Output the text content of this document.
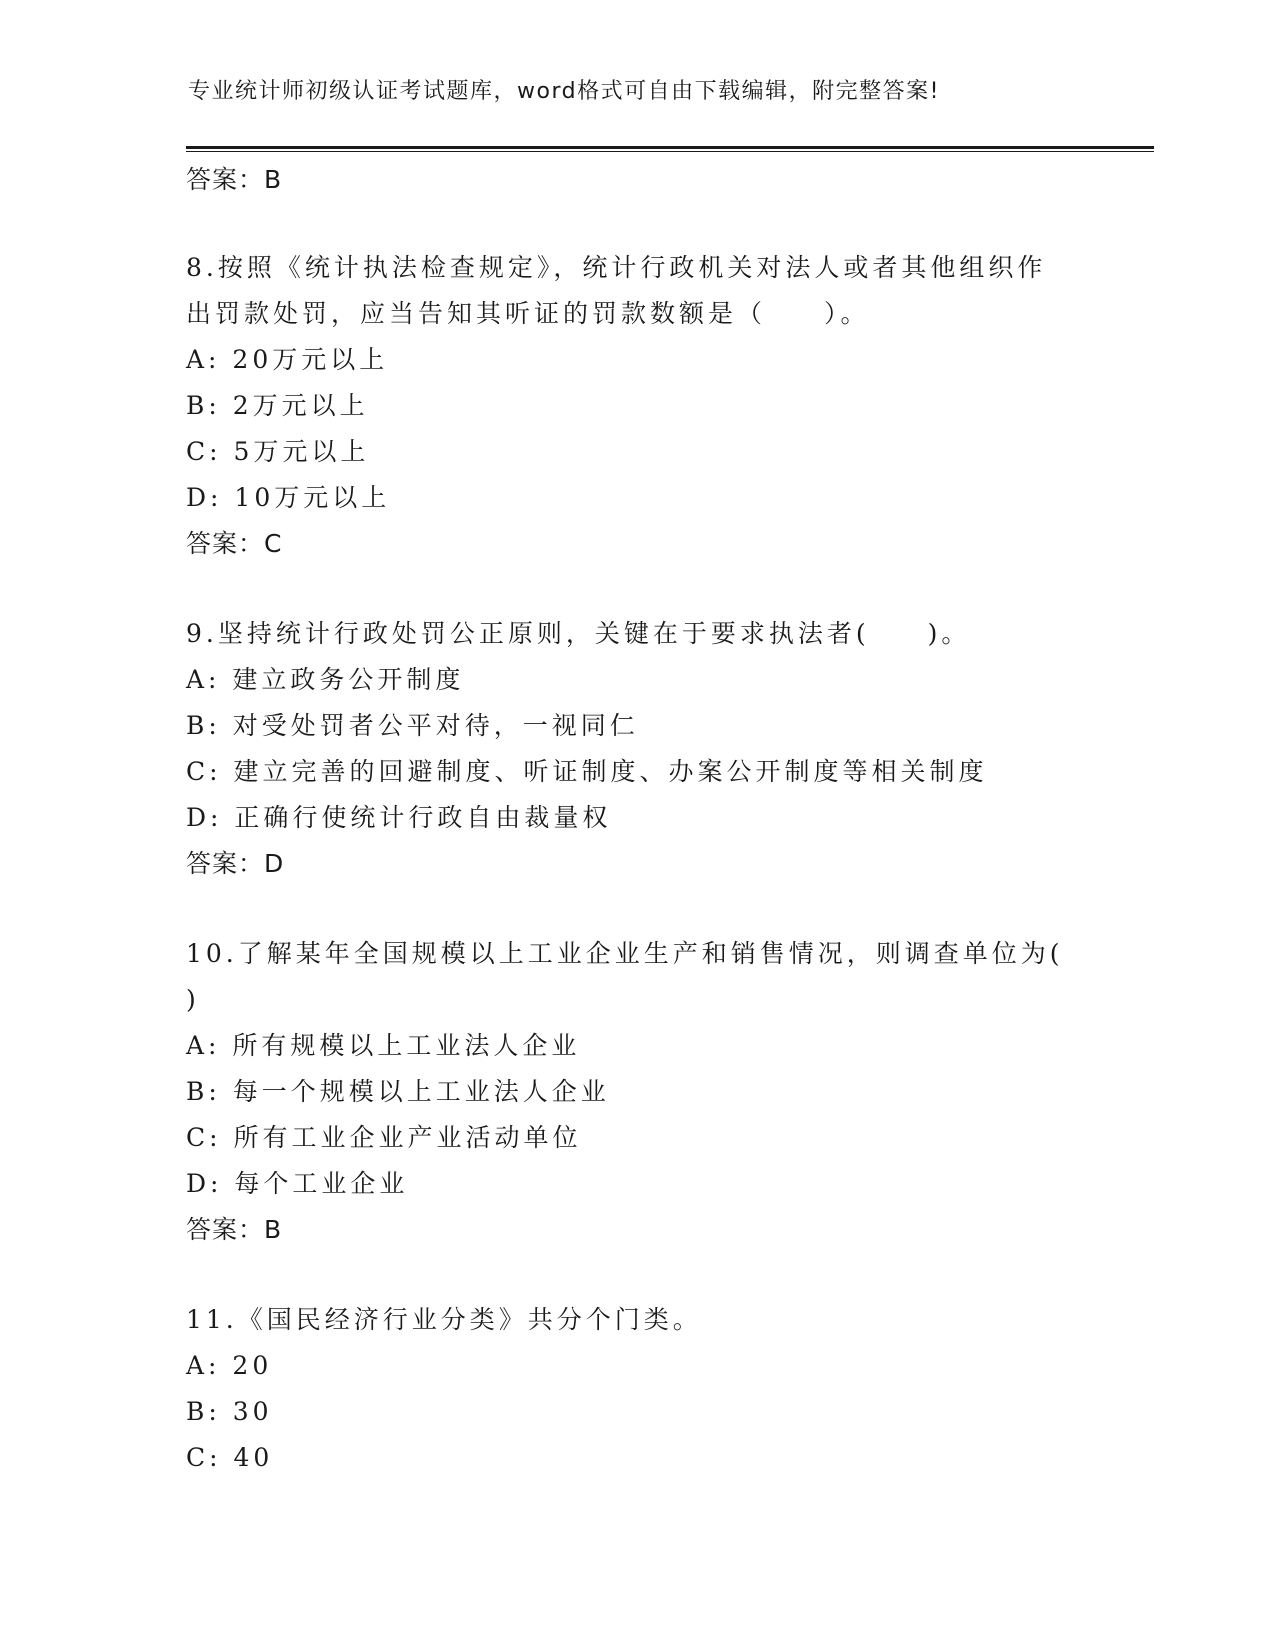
专业统计师初级认证考试题库，word格式可自由下载编辑，附完整答案!
答案：B
8.按照《统计执法检查规定》，统计行政机关对法人或者其他组织作
出罚款处罚，应当告知其听证的罚款数额是（　　）。
A: 20万元以上
B: 2万元以上
C: 5万元以上
D: 10万元以上
答案：C
9.坚持统计行政处罚公正原则，关键在于要求执法者(　　)。
A: 建立政务公开制度
B: 对受处罚者公平对待，一视同仁
C: 建立完善的回避制度、听证制度、办案公开制度等相关制度
D: 正确行使统计行政自由裁量权
答案：D
10.了解某年全国规模以上工业企业生产和销售情况，则调查单位为(
)
A: 所有规模以上工业法人企业
B: 每一个规模以上工业法人企业
C: 所有工业企业产业活动单位
D: 每个工业企业
答案：B
11.《国民经济行业分类》共分个门类。
A: 20
B: 30
C: 40
